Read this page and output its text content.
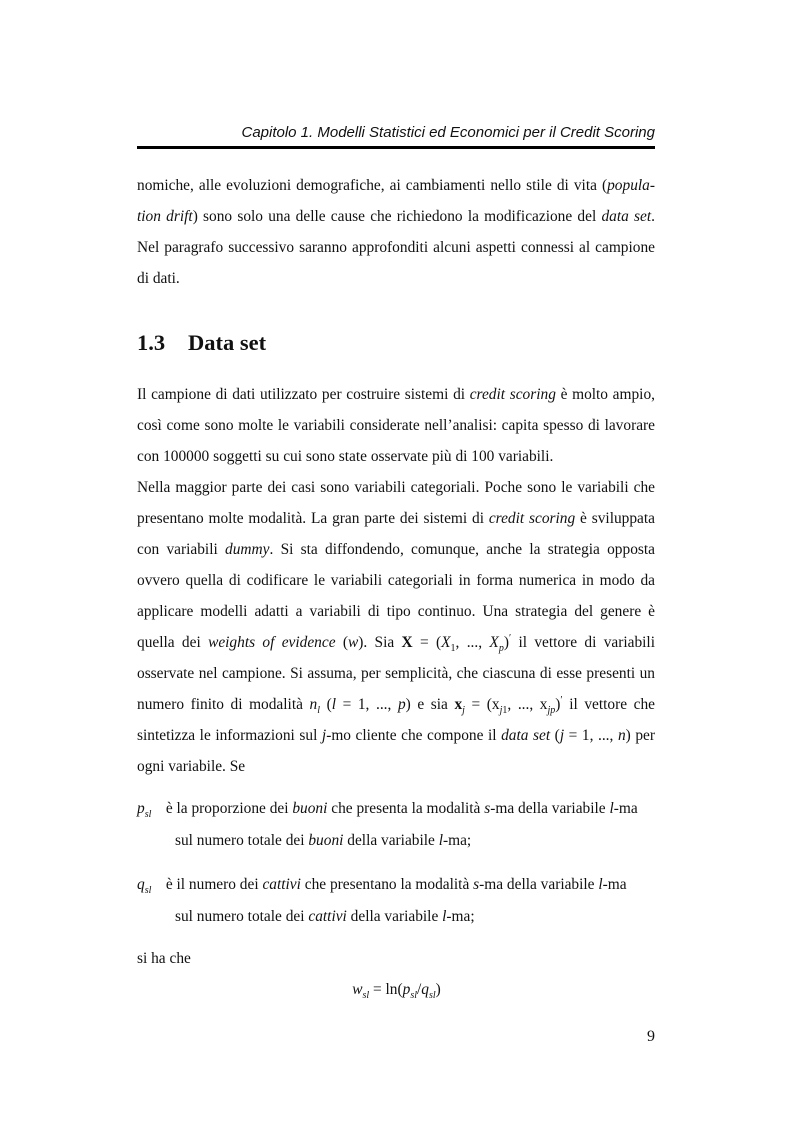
Capitolo 1. Modelli Statistici ed Economici per il Credit Scoring
nomiche, alle evoluzioni demografiche, ai cambiamenti nello stile di vita (popula-tion drift) sono solo una delle cause che richiedono la modificazione del data set. Nel paragrafo successivo saranno approfonditi alcuni aspetti connessi al campione di dati.
1.3 Data set
Il campione di dati utilizzato per costruire sistemi di credit scoring è molto ampio, così come sono molte le variabili considerate nell’analisi: capita spesso di lavorare con 100000 soggetti su cui sono state osservate più di 100 variabili.
Nella maggior parte dei casi sono variabili categoriali. Poche sono le variabili che presentano molte modalità. La gran parte dei sistemi di credit scoring è sviluppata con variabili dummy. Si sta diffondendo, comunque, anche la strategia opposta ovvero quella di codificare le variabili categoriali in forma numerica in modo da applicare modelli adatti a variabili di tipo continuo. Una strategia del genere è quella dei weights of evidence (w). Sia $X = (X_1$, ..., $X_p)'$ il vettore di variabili osservate nel campione. Si assuma, per semplicità, che ciascuna di esse presenti un numero finito di modalità $n_l$ (l = 1, ..., p) e sia $x_j = (x_{j1}$, ..., $x_{jp})'$ il vettore che sintetizza le informazioni sul j-mo cliente che compone il data set (j = 1, ..., n) per ogni variabile. Se
$p_{sl}$ è la proporzione dei buoni che presenta la modalità s-ma della variabile l-ma
sul numero totale dei buoni della variabile l-ma;
$q_{sl}$ è il numero dei cattivi che presentano la modalità s-ma della variabile l-ma
sul numero totale dei cattivi della variabile l-ma;
si ha che
$w_{sl} = \ln(p_{sl}/q_{sl})$
9
